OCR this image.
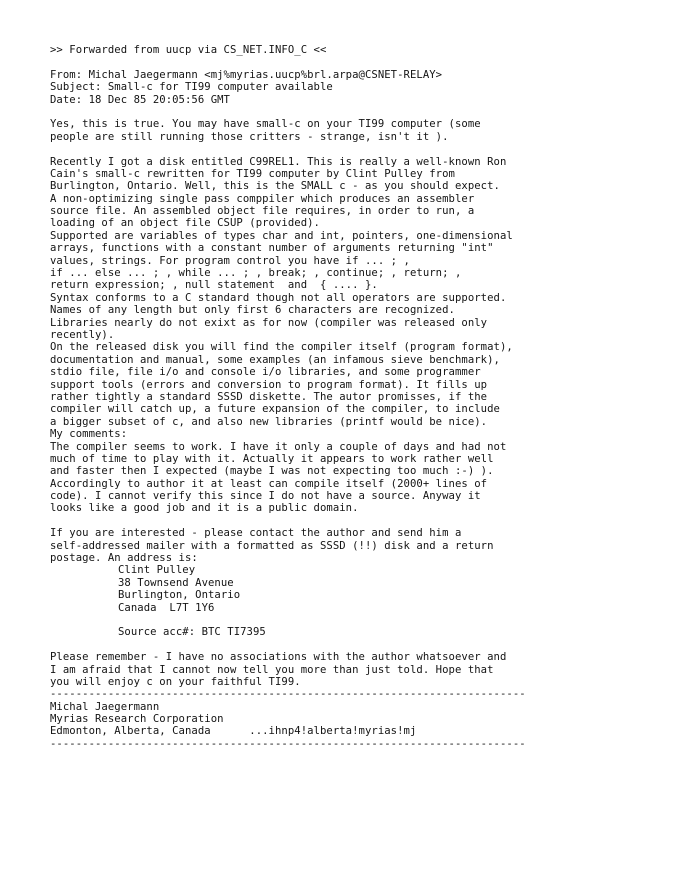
>> Forwarded from uucp via CS_NET.INFO_C <<
From: Michal Jaegermann <mj%myrias.uucp%brl.arpa@CSNET-RELAY>
Subject: Small-c for TI99 computer available
Date: 18 Dec 85 20:05:56 GMT
Yes, this is true. You may have small-c on your TI99 computer (some
people are still running those critters - strange, isn't it ).
Recently I got a disk entitled C99REL1. This is really a well-known Ron
Cain's small-c rewritten for TI99 computer by Clint Pulley from
Burlington, Ontario. Well, this is the SMALL c - as you should expect.
A non-optimizing single pass comppiler which produces an assembler
source file. An assembled object file requires, in order to run, a
loading of an object file CSUP (provided).
Supported are variables of types char and int, pointers, one-dimensional
arrays, functions with a constant number of arguments returning "int"
values, strings. For program control you have if ... ; ,
if ... else ... ; , while ... ; , break; , continue; , return; ,
return expression; , null statement  and  { .... }.
Syntax conforms to a C standard though not all operators are supported.
Names of any length but only first 6 characters are recognized.
Libraries nearly do not exixt as for now (compiler was released only
recently).
On the released disk you will find the compiler itself (program format),
documentation and manual, some examples (an infamous sieve benchmark),
stdio file, file i/o and console i/o libraries, and some programmer
support tools (errors and conversion to program format). It fills up
rather tightly a standard SSSD diskette. The autor promisses, if the
compiler will catch up, a future expansion of the compiler, to include
a bigger subset of c, and also new libraries (printf would be nice).
My comments:
The compiler seems to work. I have it only a couple of days and had not
much of time to play with it. Actually it appears to work rather well
and faster then I expected (maybe I was not expecting too much :-) ).
Accordingly to author it at least can compile itself (2000+ lines of
code). I cannot verify this since I do not have a source. Anyway it
looks like a good job and it is a public domain.
If you are interested - please contact the author and send him a
self-addressed mailer with a formatted as SSSD (!!) disk and a return
postage. An address is:
Clint Pulley
38 Townsend Avenue
Burlington, Ontario
Canada  L7T 1Y6
Source acc#: BTC TI7395
Please remember - I have no associations with the author whatsoever and
I am afraid that I cannot now tell you more than just told. Hope that
you will enjoy c on your faithful TI99.
--------------------------------------------------------------------------
Michal Jaegermann
Myrias Research Corporation
Edmonton, Alberta, Canada      ...ihnp4!alberta!myrias!mj
--------------------------------------------------------------------------
